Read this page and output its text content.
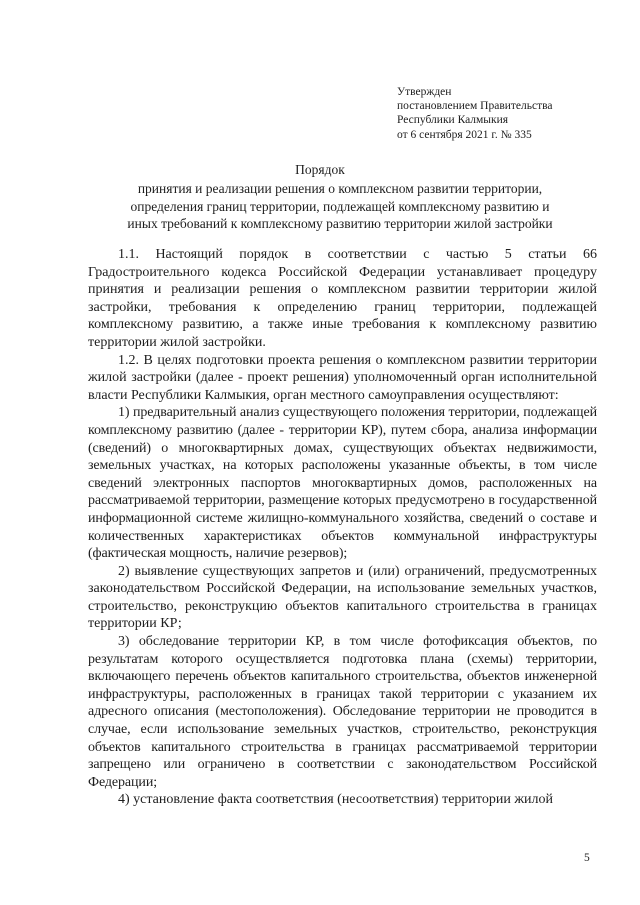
Утвержден
постановлением Правительства
Республики Калмыкия
от 6 сентября 2021 г. № 335
Порядок
принятия и реализации решения о комплексном развитии территории,
определения границ территории, подлежащей комплексному развитию и
иных требований к комплексному развитию территории жилой застройки

1.1. Настоящий порядок в соответствии с частью 5 статьи 66 Градостроительного кодекса Российской Федерации устанавливает процедуру принятия и реализации решения о комплексном развитии территории жилой застройки, требования к определению границ территории, подлежащей комплексному развитию, а также иные требования к комплексному развитию территории жилой застройки.

1.2. В целях подготовки проекта решения о комплексном развитии территории жилой застройки (далее - проект решения) уполномоченный орган исполнительной власти Республики Калмыкия, орган местного самоуправления осуществляют:

1) предварительный анализ существующего положения территории, подлежащей комплексному развитию (далее - территории КР), путем сбора, анализа информации (сведений) о многоквартирных домах, существующих объектах недвижимости, земельных участках, на которых расположены указанные объекты, в том числе сведений электронных паспортов многоквартирных домов, расположенных на рассматриваемой территории, размещение которых предусмотрено в государственной информационной системе жилищно-коммунального хозяйства, сведений о составе и количественных характеристиках объектов коммунальной инфраструктуры (фактическая мощность, наличие резервов);

2) выявление существующих запретов и (или) ограничений, предусмотренных законодательством Российской Федерации, на использование земельных участков, строительство, реконструкцию объектов капитального строительства в границах территории КР;

3) обследование территории КР, в том числе фотофиксация объектов, по результатам которого осуществляется подготовка плана (схемы) территории, включающего перечень объектов капитального строительства, объектов инженерной инфраструктуры, расположенных в границах такой территории с указанием их адресного описания (местоположения). Обследование территории не проводится в случае, если использование земельных участков, строительство, реконструкция объектов капитального строительства в границах рассматриваемой территории запрещено или ограничено в соответствии с законодательством Российской Федерации;

4) установление факта соответствия (несоответствия) территории жилой

5
